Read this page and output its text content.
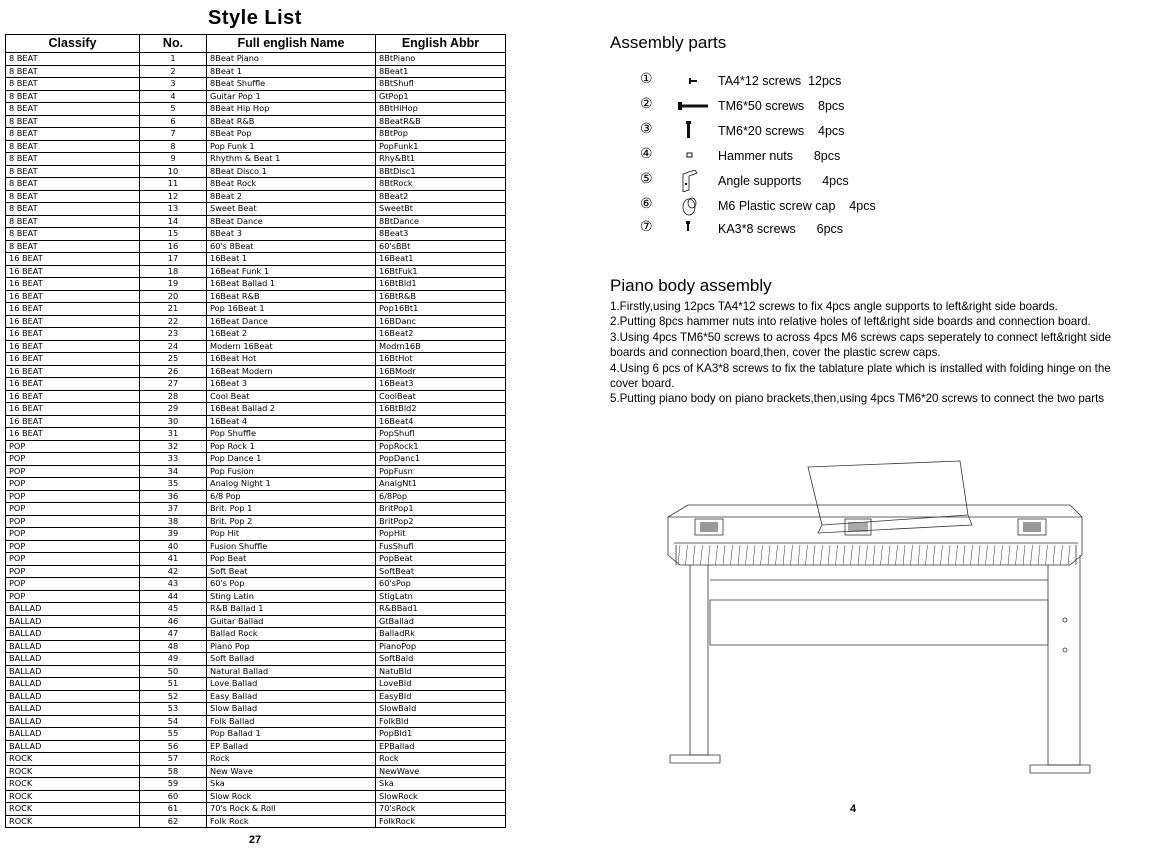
Style List
Classify	No.	Full english Name	English Abbr
8 BEAT	1	8Beat Piano	8BtPiano
8 BEAT	2	8Beat 1	8Beat1
8 BEAT	3	8Beat Shuffle	8BtShufl
8 BEAT	4	Guitar Pop 1	GtPop1
8 BEAT	5	8Beat Hip Hop	8BtHiHop
8 BEAT	6	8Beat R&B	8BeatR&B
8 BEAT	7	8Beat Pop	8BtPop
8 BEAT	8	Pop Funk 1	PopFunk1
8 BEAT	9	Rhythm & Beat 1	Rhy&Bt1
8 BEAT	10	8Beat Disco 1	8BtDisc1
8 BEAT	11	8Beat Rock	8BtRock
8 BEAT	12	8Beat 2	8Beat2
8 BEAT	13	Sweet Beat	SweetBt
8 BEAT	14	8Beat Dance	8BtDance
8 BEAT	15	8Beat 3	8Beat3
8 BEAT	16	60's 8Beat	60'sBBt
16 BEAT	17	16Beat 1	16Beat1
16 BEAT	18	16Beat Funk 1	16BtFuk1
16 BEAT	19	16Beat Ballad 1	16BtBld1
16 BEAT	20	16Beat R&B	16BtR&B
16 BEAT	21	Pop 16Beat 1	Pop16Bt1
16 BEAT	22	16Beat Dance	16BDanc
16 BEAT	23	16Beat 2	16Beat2
16 BEAT	24	Modern 16Beat	Modrn16B
16 BEAT	25	16Beat Hot	16BtHot
16 BEAT	26	16Beat Modern	16BModr
16 BEAT	27	16Beat 3	16Beat3
16 BEAT	28	Cool Beat	CoolBeat
16 BEAT	29	16Beat Ballad 2	16BtBld2
16 BEAT	30	16Beat 4	16Beat4
16 BEAT	31	Pop Shuffle	PopShufl
POP	32	Pop Rock 1	PopRock1
POP	33	Pop Dance 1	PopDanc1
POP	34	Pop Fusion	PopFusn
POP	35	Analog Night 1	AnalgNt1
POP	36	6/8 Pop	6/8Pop
POP	37	Brit. Pop 1	BritPop1
POP	38	Brit. Pop 2	BritPop2
POP	39	Pop Hit	PopHit
POP	40	Fusion Shuffle	FusShufl
POP	41	Pop Beat	PopBeat
POP	42	Soft Beat	SoftBeat
POP	43	60's Pop	60'sPop
POP	44	Sting Latin	StigLatn
BALLAD	45	R&B Ballad 1	R&BBad1
BALLAD	46	Guitar Ballad	GtBallad
BALLAD	47	Ballad Rock	BalladRk
BALLAD	48	Piano Pop	PianoPop
BALLAD	49	Soft Ballad	SoftBald
BALLAD	50	Natural Ballad	NatuBld
BALLAD	51	Love Ballad	LoveBld
BALLAD	52	Easy Ballad	EasyBld
BALLAD	53	Slow Ballad	SlowBald
BALLAD	54	Folk Ballad	FolkBld
BALLAD	55	Pop Ballad 1	PopBld1
BALLAD	56	EP Ballad	EPBallad
ROCK	57	Rock	Rock
ROCK	58	New Wave	NewWave
ROCK	59	Ska	Ska
ROCK	60	Slow Rock	SlowRock
ROCK	61	70's Rock & Roll	70'sRock
ROCK	62	Folk Rock	FolkRock
27
Assembly parts
①	TA4*12 screws  12pcs
②	TM6*50 screws    8pcs
③	TM6*20 screws    4pcs
④	Hammer nuts      8pcs
⑤	Angle supports      4pcs
⑥	M6 Plastic screw cap    4pcs
⑦	KA3*8 screws      6pcs
Piano body assembly

1.Firstly,using 12pcs TA4*12 screws to fix 4pcs angle supports to left&right side boards.

2.Putting 8pcs hammer nuts into relative holes of left&right side boards and connection board.

3.Using 4pcs TM6*50 screws to across 4pcs M6 screws caps seperately to connect left&right side boards and connection board,then, cover the plastic screw caps.

4.Using 6 pcs of KA3*8 screws to fix the tablature plate which is installed with folding hinge on the cover board.

5.Putting piano body on piano brackets,then,using 4pcs TM6*20 screws to connect the two parts

4
